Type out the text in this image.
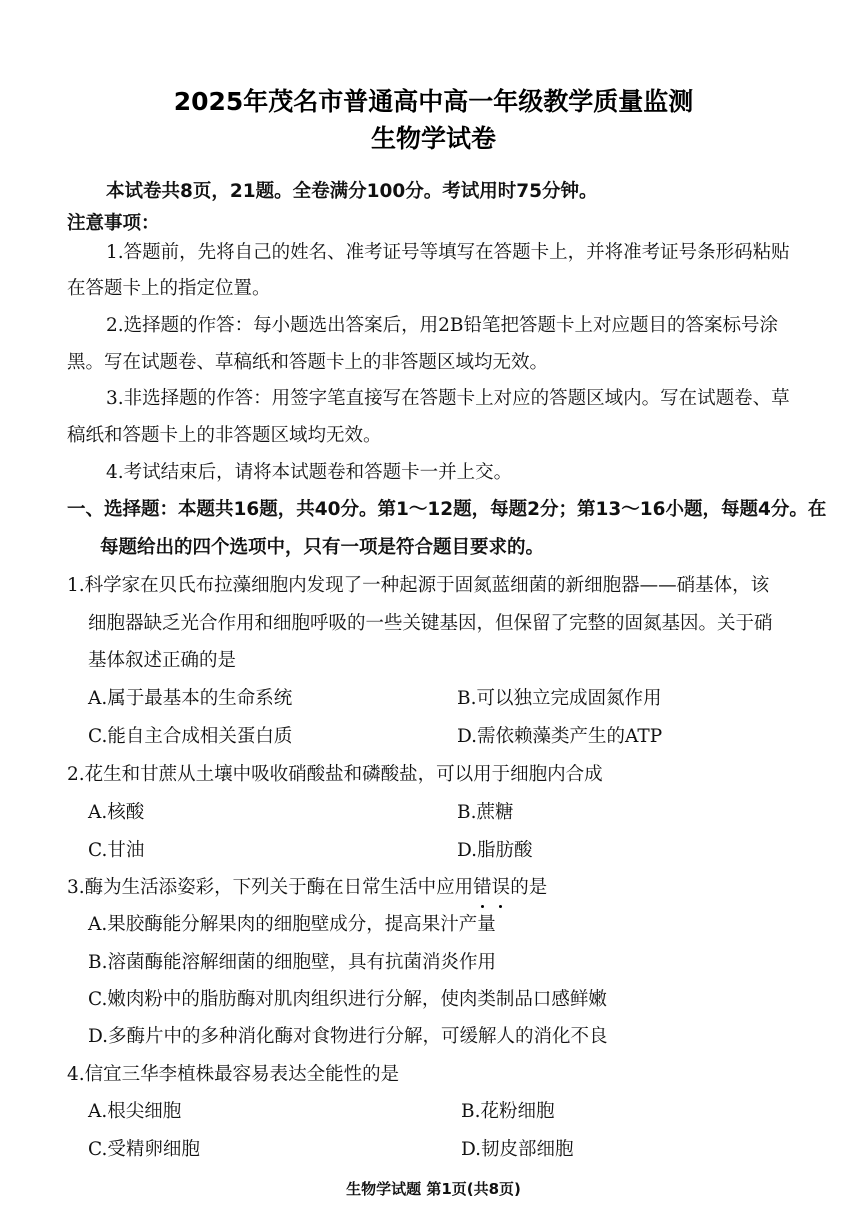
2025年茂名市普通高中高一年级教学质量监测
生物学试卷
本试卷共8页，21题。全卷满分100分。考试用时75分钟。
注意事项：
1.答题前，先将自己的姓名、准考证号等填写在答题卡上，并将准考证号条形码粘贴
在答题卡上的指定位置。
2.选择题的作答：每小题选出答案后，用2B铅笔把答题卡上对应题目的答案标号涂
黑。写在试题卷、草稿纸和答题卡上的非答题区域均无效。
3.非选择题的作答：用签字笔直接写在答题卡上对应的答题区域内。写在试题卷、草
稿纸和答题卡上的非答题区域均无效。
4.考试结束后，请将本试题卷和答题卡一并上交。
一、选择题：本题共16题，共40分。第1～12题，每题2分；第13～16小题，每题4分。在
每题给出的四个选项中，只有一项是符合题目要求的。
1.科学家在贝氏布拉藻细胞内发现了一种起源于固氮蓝细菌的新细胞器——硝基体，该
细胞器缺乏光合作用和细胞呼吸的一些关键基因，但保留了完整的固氮基因。关于硝
基体叙述正确的是
A.属于最基本的生命系统	B.可以独立完成固氮作用
C.能自主合成相关蛋白质	D.需依赖藻类产生的ATP
2.花生和甘蔗从土壤中吸收硝酸盐和磷酸盐，可以用于细胞内合成
A.核酸	B.蔗糖
C.甘油	D.脂肪酸
3.酶为生活添姿彩，下列关于酶在日常生活中应用错
误
的是
A.果胶酶能分解果肉的细胞壁成分，提高果汁产量
B.溶菌酶能溶解细菌的细胞壁，具有抗菌消炎作用
C.嫩肉粉中的脂肪酶对肌肉组织进行分解，使肉类制品口感鲜嫩
D.多酶片中的多种消化酶对食物进行分解，可缓解人的消化不良
4.信宜三华李植株最容易表达全能性的是
A.根尖细胞	B.花粉细胞
C.受精卵细胞	D.韧皮部细胞
生物学试题 第1页(共8页)
